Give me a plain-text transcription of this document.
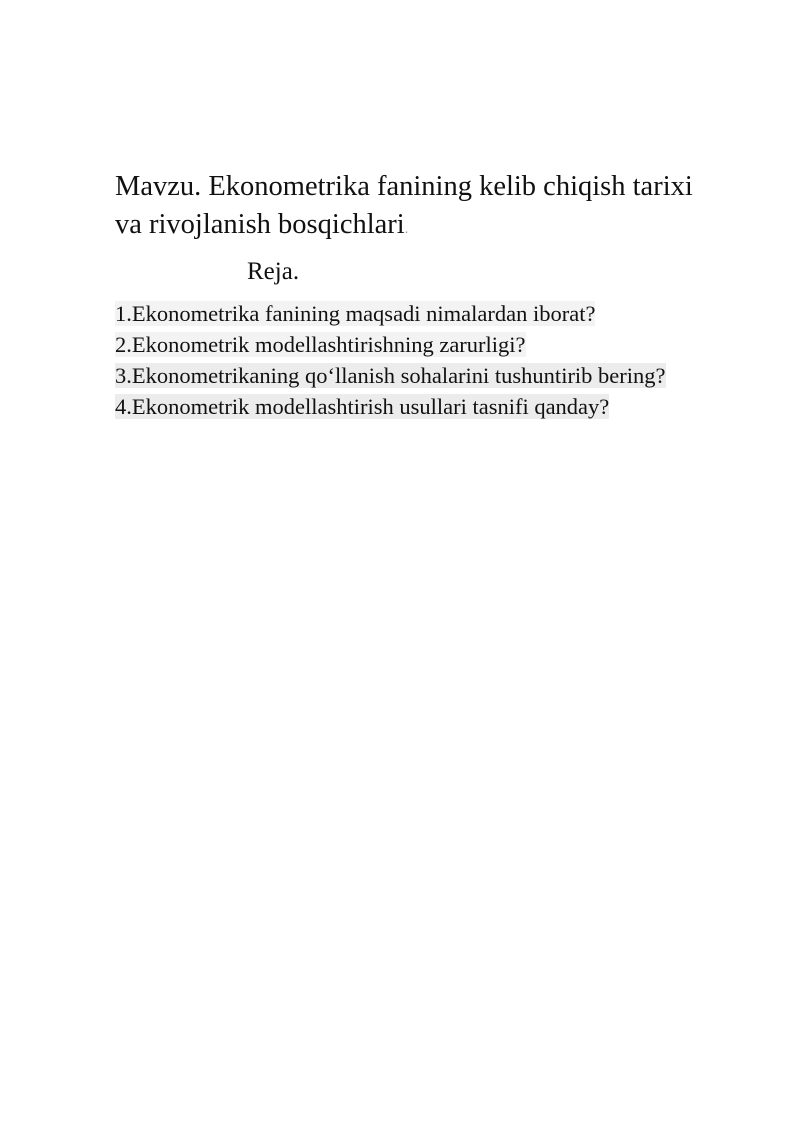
Mavzu. Ekonometrika fanining kelib chiqish tarixi
va rivojlanish bosqichlari.
Reja.
1.Ekonometrika fanining maqsadi nimalardan iborat?
2.Ekonometrik modellashtirishning zarurligi?
3.Ekonometrikaning qo‘llanish sohalarini tushuntirib bering?
4.Ekonometrik modellashtirish usullari tasnifi qanday?
